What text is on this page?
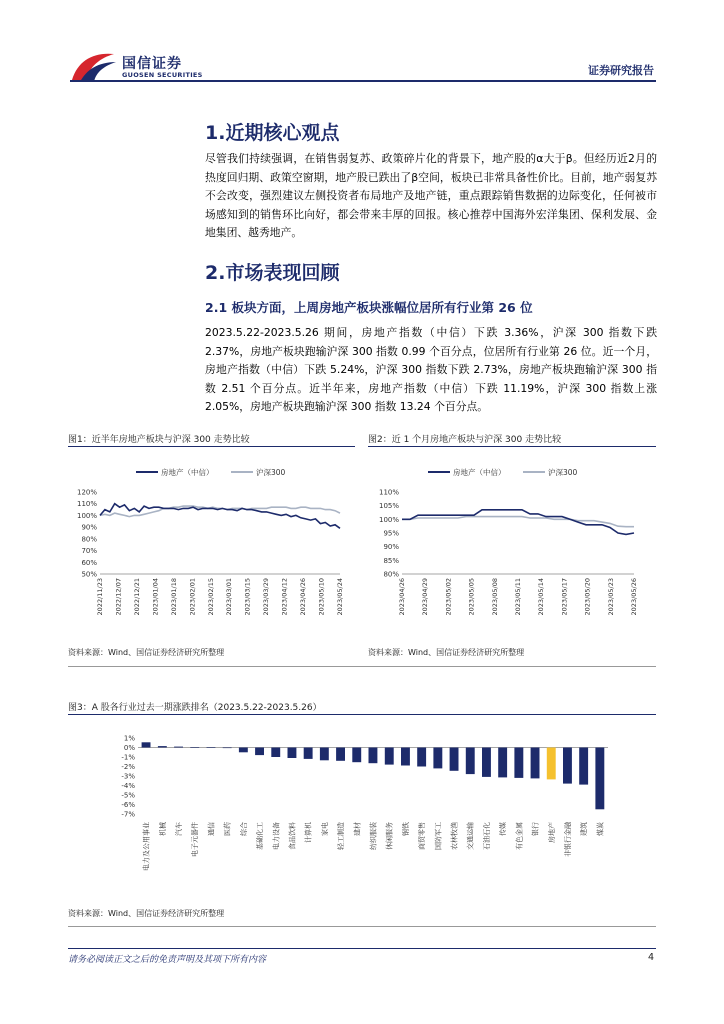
国信证券
GUOSEN SECURITIES	证券研究报告
1.近期核心观点

尽管我们持续强调，在销售弱复苏、政策碎片化的背景下，地产股的α大于β。但经历近2月的热度回归期、政策空窗期，地产股已跌出了β空间，板块已非常具备性价比。目前，地产弱复苏不会改变，强烈建议左侧投资者布局地产及地产链，重点跟踪销售数据的边际变化，任何被市场感知到的销售环比向好，都会带来丰厚的回报。核心推荐中国海外宏洋集团、保利发展、金地集团、越秀地产。

2.市场表现回顾
2.1 板块方面，上周房地产板块涨幅位居所有行业第 26 位

2023.5.22-2023.5.26 期间，房地产指数（中信）下跌 3.36%，沪深 300 指数下跌 2.37%，房地产板块跑输沪深 300 指数 0.99 个百分点，位居所有行业第 26 位。近一个月，房地产指数（中信）下跌 5.24%，沪深 300 指数下跌 2.73%，房地产板块跑输沪深 300 指数 2.51 个百分点。近半年来，房地产指数（中信）下跌 11.19%，沪深 300 指数上涨 2.05%，房地产板块跑输沪深 300 指数 13.24 个百分点。

图1：近半年房地产板块与沪深 300 走势比较
房地产（中信）	沪深300
120%
110%
100%
90%
80%
70%
60%
50%
2022/11/23 2022/12/07 2022/12/21 2023/01/04 2023/01/18 2023/02/01 2023/02/15 2023/03/01 2023/03/15 2023/03/29 2023/04/12 2023/04/26 2023/05/10 2023/05/24
资料来源：Wind、国信证券经济研究所整理
图2：近 1 个月房地产板块与沪深 300 走势比较
房地产（中信）	沪深300
110%
105%
100%
95%
90%
85%
80%
2023/04/26 2023/04/29 2023/05/02 2023/05/05 2023/05/08 2023/05/11 2023/05/14 2023/05/17 2023/05/20 2023/05/23 2023/05/26
资料来源：Wind、国信证券经济研究所整理
图3：A 股各行业过去一期涨跌排名（2023.5.22-2023.5.26）
1%
0%
-1%
-2%
-3%
-4%
-5%
-6%
-7%
电力及公用事业 机械 汽车 电子元器件 通信 医药 综合 基础化工 电力设备 食品饮料 计算机 家电 轻工制造 建材 纺织服装 休闲服务 钢铁 商贸零售 国防军工 农林牧渔 交通运输 石油石化 传媒 有色金属 银行 房地产 非银行金融 建筑 煤炭
资料来源：Wind、国信证券经济研究所整理
请务必阅读正文之后的免责声明及其项下所有内容	4
